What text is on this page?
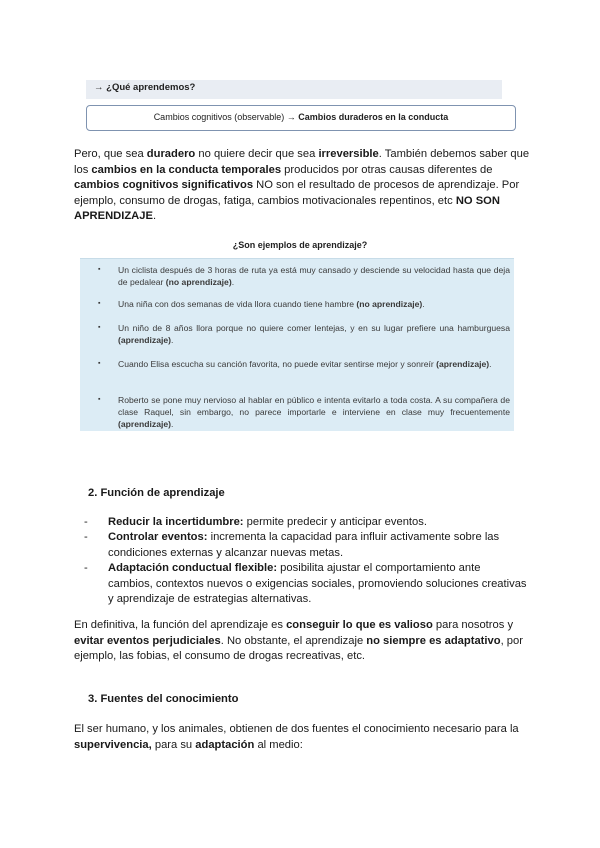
→ ¿Qué aprendemos?
Cambios cognitivos (observable) → Cambios duraderos en la conducta

Pero, que sea duradero no quiere decir que sea irreversible. También debemos saber que los cambios en la conducta temporales producidos por otras causas diferentes de cambios cognitivos significativos NO son el resultado de procesos de aprendizaje. Por ejemplo, consumo de drogas, fatiga, cambios motivacionales repentinos, etc NO SON APRENDIZAJE.

¿Son ejemplos de aprendizaje?
▪ Un ciclista después de 3 horas de ruta ya está muy cansado y desciende su velocidad hasta que deja de pedalear (no aprendizaje).
▪ Una niña con dos semanas de vida llora cuando tiene hambre (no aprendizaje).
▪ Un niño de 8 años llora porque no quiere comer lentejas, y en su lugar prefiere una hamburguesa (aprendizaje).
▪ Cuando Elisa escucha su canción favorita, no puede evitar sentirse mejor y sonreír (aprendizaje).
▪ Roberto se pone muy nervioso al hablar en público e intenta evitarlo a toda costa. A su compañera de clase Raquel, sin embargo, no parece importarle e interviene en clase muy frecuentemente (aprendizaje).
2. Función de aprendizaje
- Reducir la incertidumbre: permite predecir y anticipar eventos.
- Controlar eventos: incrementa la capacidad para influir activamente sobre las condiciones externas y alcanzar nuevas metas.
- Adaptación conductual flexible: posibilita ajustar el comportamiento ante cambios, contextos nuevos o exigencias sociales, promoviendo soluciones creativas y aprendizaje de estrategias alternativas.

En definitiva, la función del aprendizaje es conseguir lo que es valioso para nosotros y evitar eventos perjudiciales. No obstante, el aprendizaje no siempre es adaptativo, por ejemplo, las fobias, el consumo de drogas recreativas, etc.

3. Fuentes del conocimiento

El ser humano, y los animales, obtienen de dos fuentes el conocimiento necesario para la supervivencia, para su adaptación al medio:
